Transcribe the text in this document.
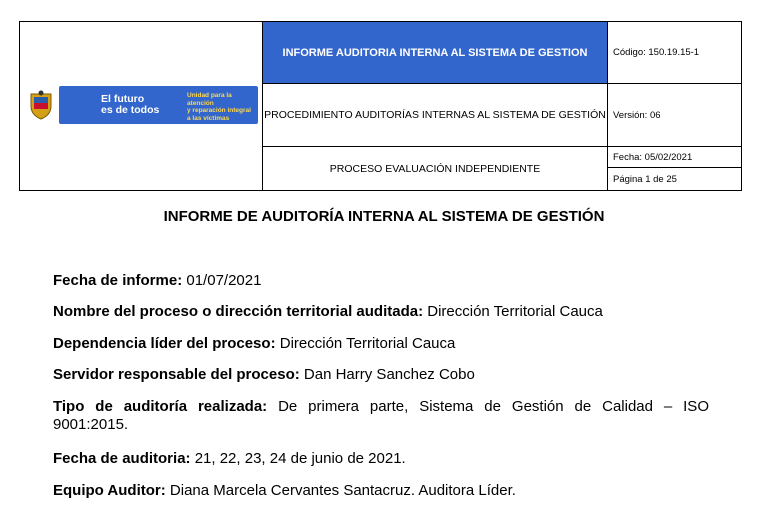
El futuro
es de todos
Unidad para la atención
y reparación integral
a las víctimas
INFORME AUDITORIA INTERNA AL SISTEMA DE GESTION	Código: 150.19.15-1
PROCEDIMIENTO AUDITORÍAS INTERNAS AL SISTEMA DE GESTIÓN Versión: 06
PROCESO EVALUACIÓN INDEPENDIENTE
Fecha: 05/02/2021
Página 1 de 25
INFORME DE AUDITORÍA INTERNA AL SISTEMA DE GESTIÓN
Fecha de informe: 01/07/2021
Nombre del proceso o dirección territorial auditada: Dirección Territorial Cauca
Dependencia líder del proceso: Dirección Territorial Cauca
Servidor responsable del proceso: Dan Harry Sanchez Cobo
Tipo de auditoría realizada: De primera parte, Sistema de Gestión de Calidad – ISO
9001:2015.
Fecha de auditoria: 21, 22, 23, 24 de junio de 2021.
Equipo Auditor: Diana Marcela Cervantes Santacruz. Auditora Líder.
